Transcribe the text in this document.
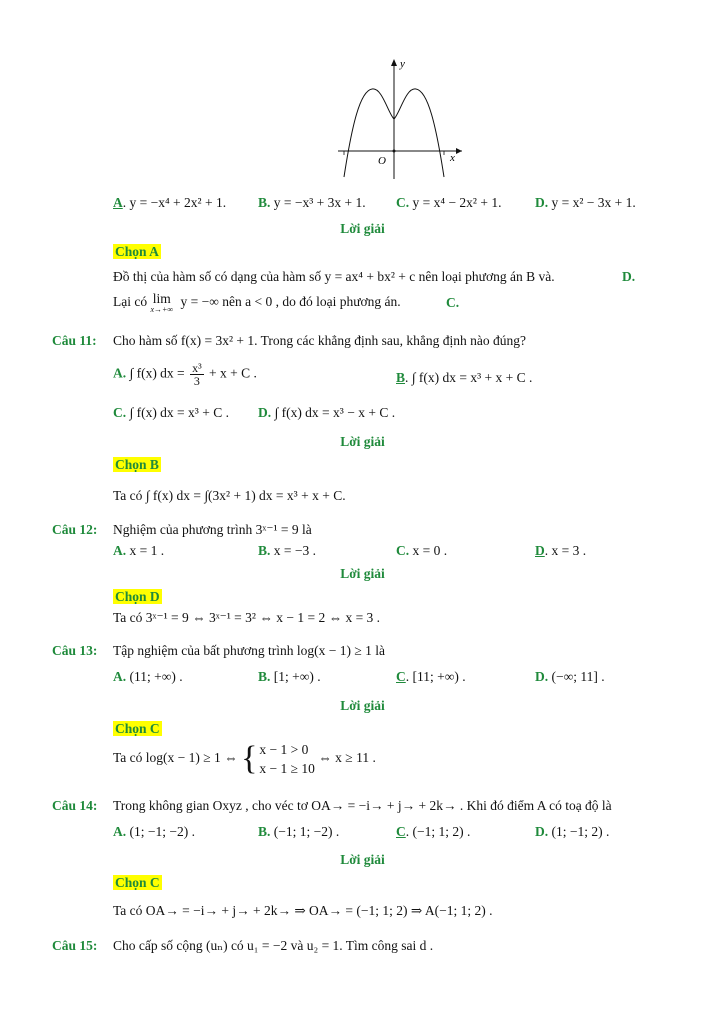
y
x
O
A. y = −x⁴ + 2x² + 1. B. y = −x³ + 3x + 1. C. y = x⁴ − 2x² + 1. D. y = x² − 3x + 1.
Lời giải
Chọn A
Đồ thị của hàm số có dạng của hàm số y = ax⁴ + bx² + c nên loại phương án B và.	D.
Lại có lim
x→+∞
y = −∞ nên a < 0 , do đó loại phương án.	C.
Câu 11: Cho hàm số f(x) = 3x² + 1. Trong các khẳng định sau, khẳng định nào đúng?
A. ∫ f(x) dx = $\frac{\text{x³}}{3} + x + C$ .	B. ∫ f(x) dx = x³ + x + C .
C. ∫ f(x) dx = x³ + C . D. ∫ f(x) dx = x³ − x + C .
Lời giải
Chọn B
Ta có ∫ f(x) dx = ∫(3x² + 1) dx = x³ + x + C.
Câu 12: Nghiệm của phương trình 3ˣ⁻¹ = 9 là
A. x = 1 .	B. x = −3 .	C. x = 0 .	D. x = 3 .
Lời giải
Chọn D
Ta có 3ˣ⁻¹ = 9 ⇔ 3ˣ⁻¹ = 3² ⇔ x − 1 = 2 ⇔ x = 3 .
Câu 13: Tập nghiệm của bất phương trình log(x − 1) ≥ 1 là
A. (11; +∞) .	B. [1; +∞) .	C. [11; +∞) .	D. (−∞; 11] .
Lời giải
Chọn C
Ta có log(x − 1) ≥ 1 ⇔ { x − 1 > 0
x − 1 ≥ 10
⇔ x ≥ 11 .
Câu 14: Trong không gian Oxyz , cho véc tơ OA→ = −i→ + j→ + 2k→ . Khi đó điểm A có toạ độ là
A. (1; −1; −2) .	B. (−1; 1; −2) .	C. (−1; 1; 2) .	D. (1; −1; 2) .
Lời giải
Chọn C
Ta có OA→ = −i→ + j→ + 2k→ ⇒ OA→ = (−1; 1; 2) ⇒ A(−1; 1; 2) .
Câu 15: Cho cấp số cộng (uₙ) có u₁ = −2 và u₂ = 1. Tìm công sai d .
